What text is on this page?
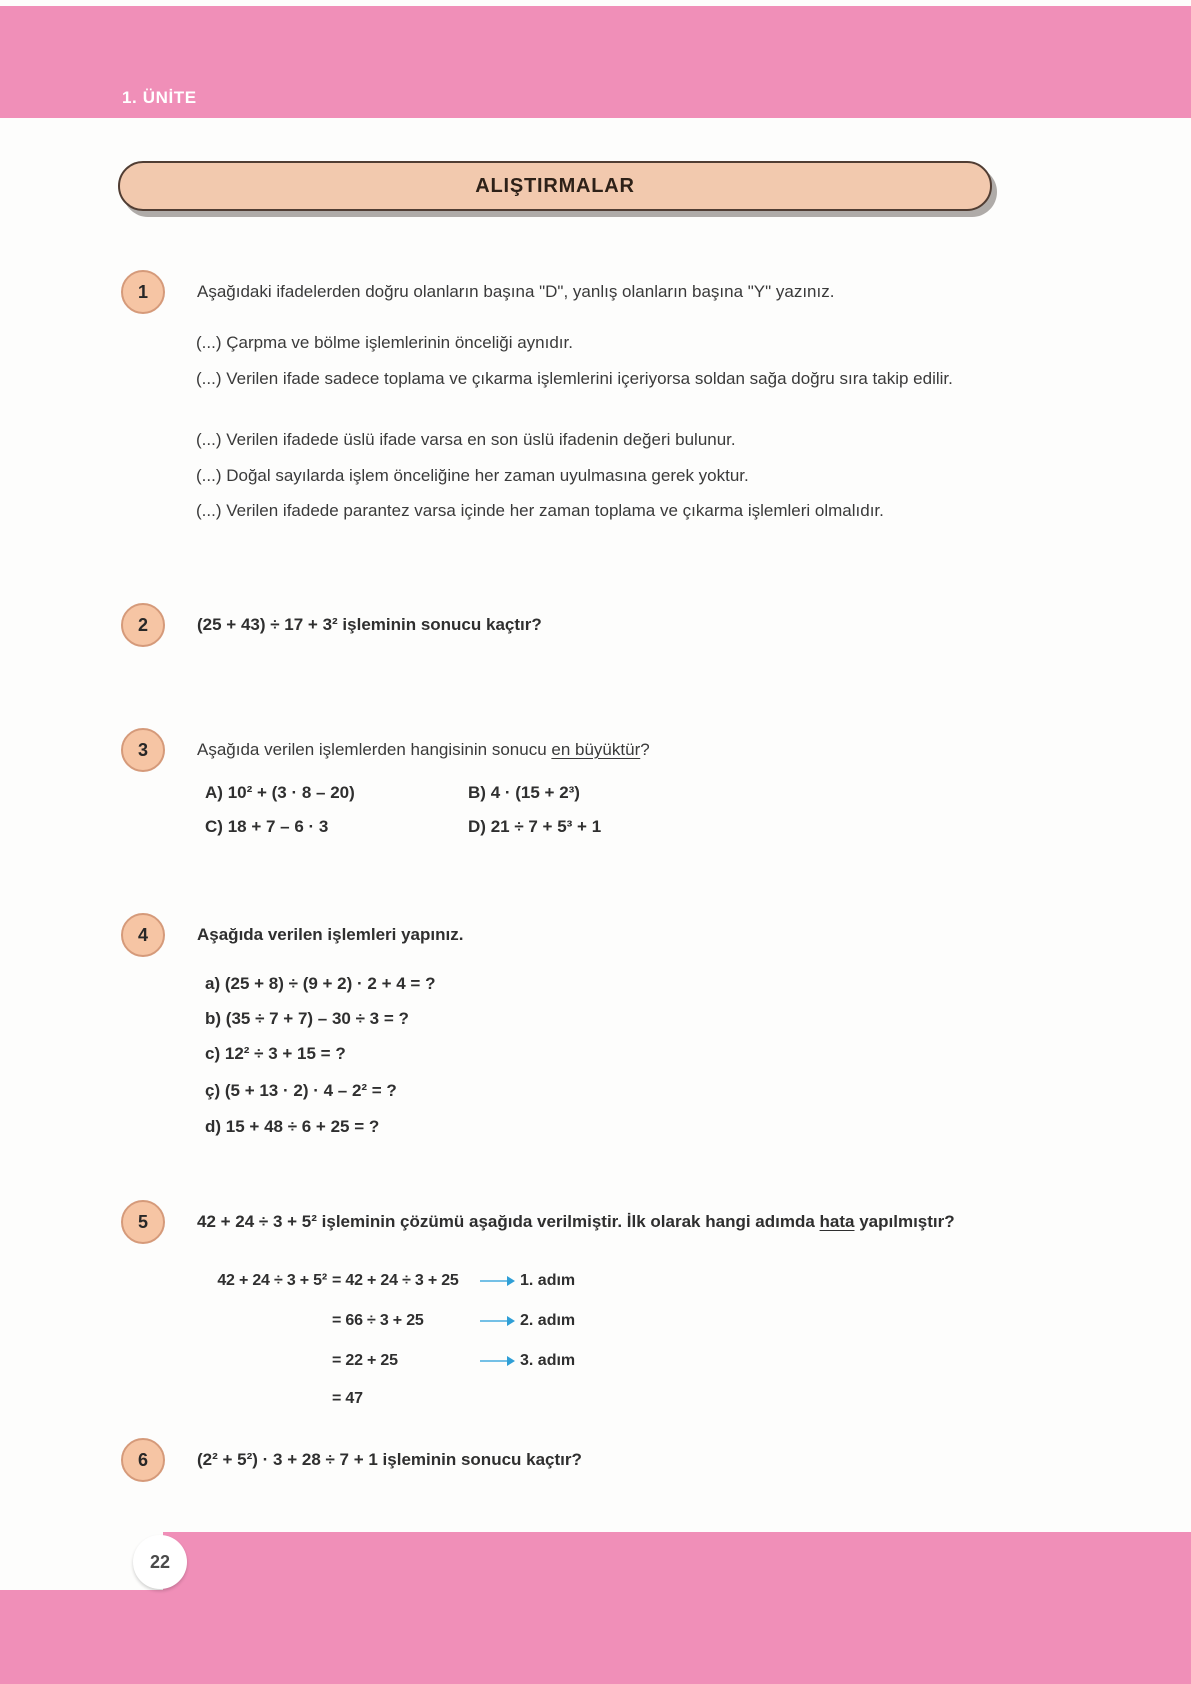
1. ÜNİTE
ALIŞTIRMALAR
1	Aşağıdaki ifadelerden doğru olanların başına "D", yanlış olanların başına "Y" yazınız.
(...) Çarpma ve bölme işlemlerinin önceliği aynıdır.
(...) Verilen ifade sadece toplama ve çıkarma işlemlerini içeriyorsa soldan sağa doğru sıra takip edilir.
(...) Verilen ifadede üslü ifade varsa en son üslü ifadenin değeri bulunur.
(...) Doğal sayılarda işlem önceliğine her zaman uyulmasına gerek yoktur.
(...) Verilen ifadede parantez varsa içinde her zaman toplama ve çıkarma işlemleri olmalıdır.
2	(25 + 43) ÷ 17 + 3² işleminin sonucu kaçtır?
3	Aşağıda verilen işlemlerden hangisinin sonucu en büyüktür?
A) 10² + (3 · 8 – 20)	B) 4 · (15 + 2³)
C) 18 + 7 – 6 · 3	D) 21 ÷ 7 + 5³ + 1
4	Aşağıda verilen işlemleri yapınız.
a) (25 + 8) ÷ (9 + 2) · 2 + 4 = ?
b) (35 ÷ 7 + 7) – 30 ÷ 3 = ?
c) 12² ÷ 3 + 15 = ?
ç) (5 + 13 · 2) · 4 – 2² = ?
d) 15 + 48 ÷ 6 + 25 = ?
5	42 + 24 ÷ 3 + 5² işleminin çözümü aşağıda verilmiştir. İlk olarak hangi adımda hata yapılmıştır?
42 + 24 ÷ 3 + 5² = 42 + 24 ÷ 3 + 25	1. adım
= 66 ÷ 3 + 25	2. adım
= 22 + 25	3. adım
= 47
6	(2² + 5²) · 3 + 28 ÷ 7 + 1 işleminin sonucu kaçtır?
22
